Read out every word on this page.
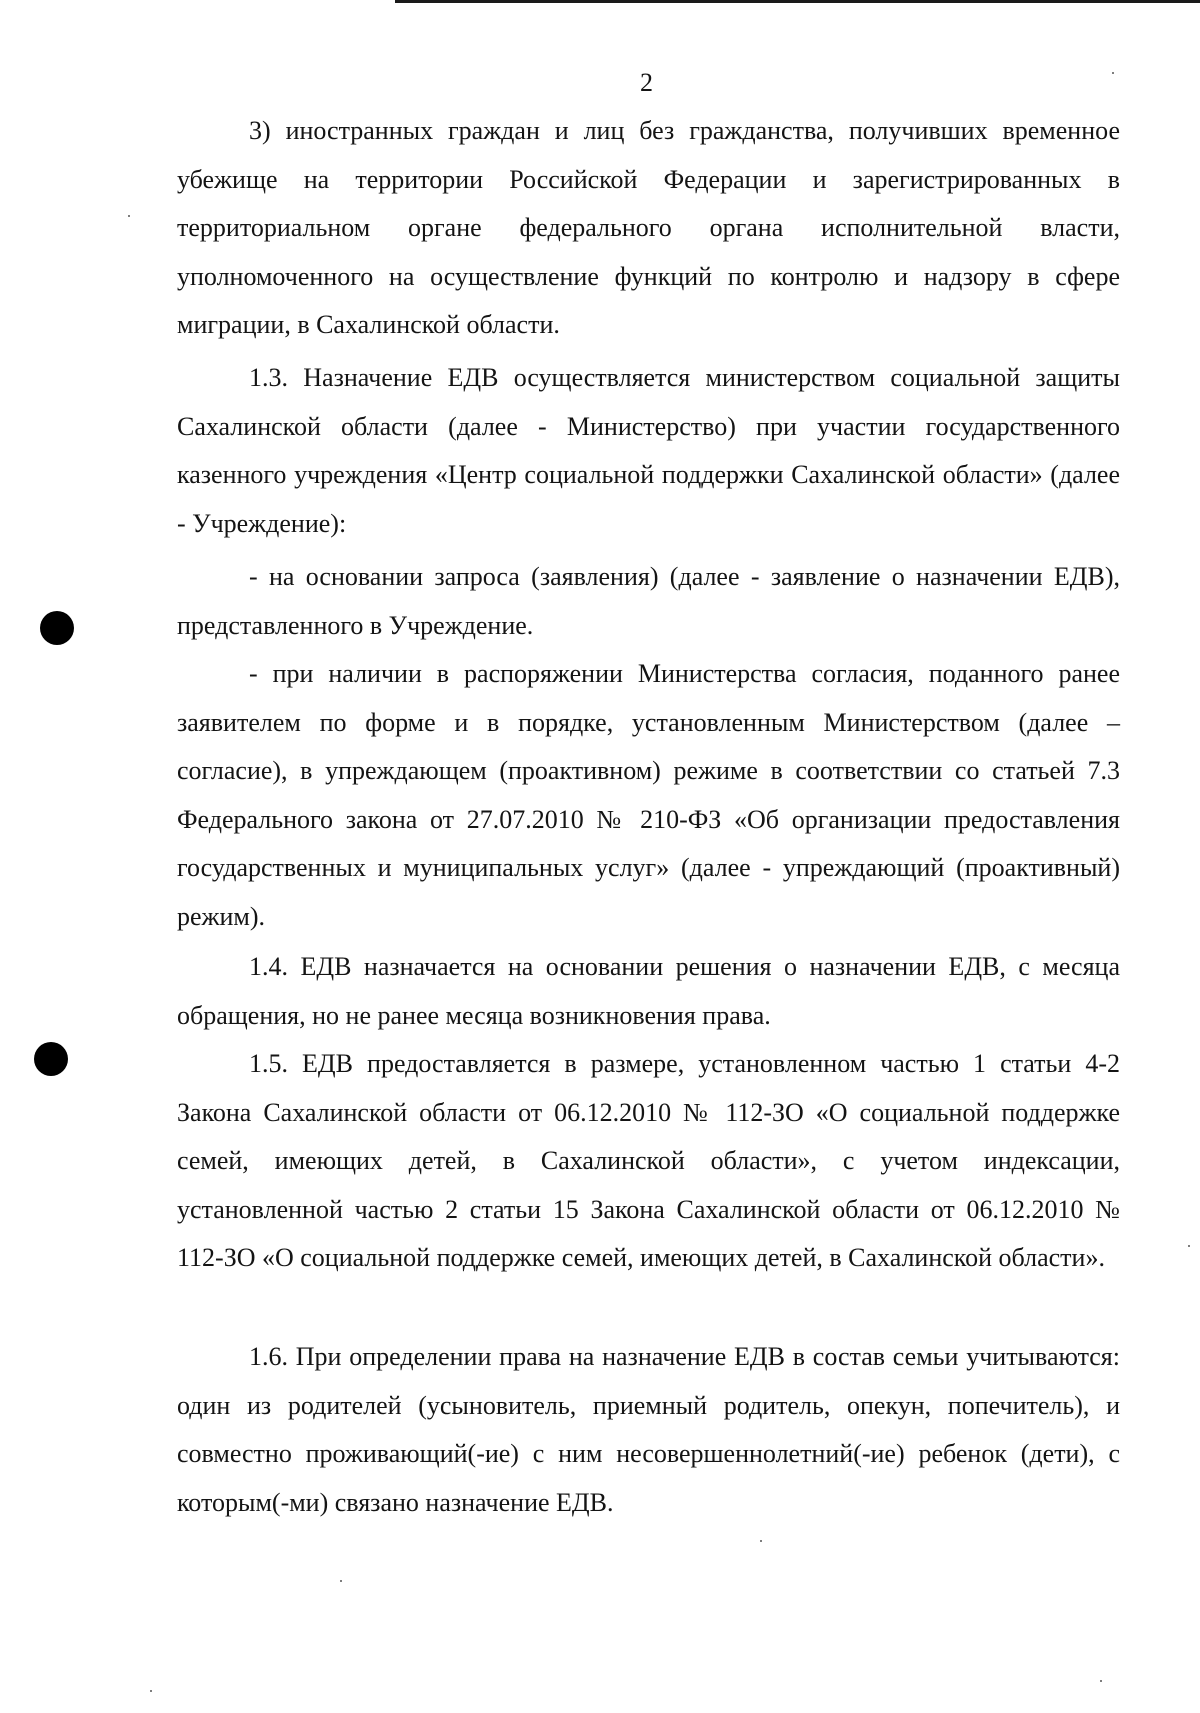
2

3) иностранных граждан и лиц без гражданства, получивших временное убежище на территории Российской Федерации и зарегистрированных в территориальном органе федерального органа исполнительной власти, уполномоченного на осуществление функций по контролю и надзору в сфере миграции, в Сахалинской области.

1.3. Назначение ЕДВ осуществляется министерством социальной защиты Сахалинской области (далее - Министерство) при участии государственного казенного учреждения «Центр социальной поддержки Сахалинской области» (далее - Учреждение):

- на основании запроса (заявления) (далее - заявление о назначении ЕДВ), представленного в Учреждение.

- при наличии в распоряжении Министерства согласия, поданного ранее заявителем по форме и в порядке, установленным Министерством (далее – согласие), в упреждающем (проактивном) режиме в соответствии со статьей 7.3 Федерального закона от 27.07.2010 № 210-ФЗ «Об организации предоставления государственных и муниципальных услуг» (далее - упреждающий (проактивный) режим).

1.4. ЕДВ назначается на основании решения о назначении ЕДВ, с месяца обращения, но не ранее месяца возникновения права.

1.5. ЕДВ предоставляется в размере, установленном частью 1 статьи 4-2 Закона Сахалинской области от 06.12.2010 № 112-ЗО «О социальной поддержке семей, имеющих детей, в Сахалинской области», с учетом индексации, установленной частью 2 статьи 15 Закона Сахалинской области от 06.12.2010 № 112-ЗО «О социальной поддержке семей, имеющих детей, в Сахалинской области».

1.6. При определении права на назначение ЕДВ в состав семьи учитываются: один из родителей (усыновитель, приемный родитель, опекун, попечитель), и совместно проживающий(-ие) с ним несовершеннолетний(-ие) ребенок (дети), с которым(-ми) связано назначение ЕДВ.
